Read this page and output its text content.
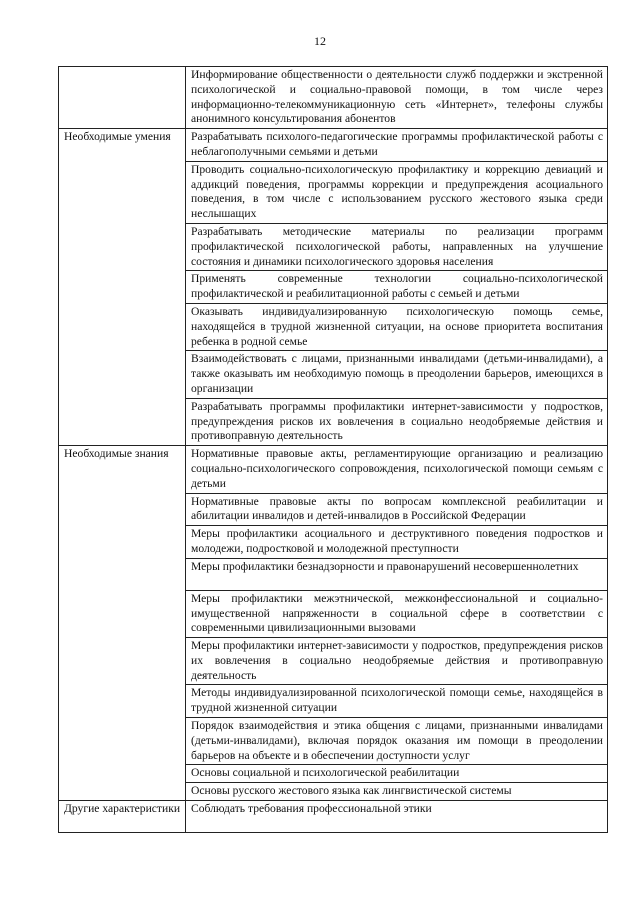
12
	Информирование общественности о деятельности служб поддержки и экстренной психологической и социально-правовой помощи, в том числе через информационно-телекоммуникационную сеть «Интернет», телефоны службы анонимного консультирования абонентов
Необходимые умения	Разрабатывать психолого-педагогические программы профилактической работы с неблагополучными семьями и детьми
	Проводить социально-психологическую профилактику и коррекцию девиаций и аддикций поведения, программы коррекции и предупреждения асоциального поведения, в том числе с использованием русского жестового языка среди неслышащих
	Разрабатывать методические материалы по реализации программ профилактической психологической работы, направленных на улучшение состояния и динамики психологического здоровья населения
	Применять современные технологии социально-психологической профилактической и реабилитационной работы с семьей и детьми
	Оказывать индивидуализированную психологическую помощь семье, находящейся в трудной жизненной ситуации, на основе приоритета воспитания ребенка в родной семье
	Взаимодействовать с лицами, признанными инвалидами (детьми-инвалидами), а также оказывать им необходимую помощь в преодолении барьеров, имеющихся в организации
	Разрабатывать программы профилактики интернет-зависимости у подростков, предупреждения рисков их вовлечения в социально неодобряемые действия и противоправную деятельность
Необходимые знания	Нормативные правовые акты, регламентирующие организацию и реализацию социально-психологического сопровождения, психологической помощи семьям с детьми
	Нормативные правовые акты по вопросам комплексной реабилитации и абилитации инвалидов и детей-инвалидов в Российской Федерации
	Меры профилактики асоциального и деструктивного поведения подростков и молодежи, подростковой и молодежной преступности
	Меры профилактики безнадзорности и правонарушений несовершеннолетних
	Меры профилактики межэтнической, межконфессиональной и социально-имущественной напряженности в социальной сфере в соответствии с современными цивилизационными вызовами
	Меры профилактики интернет-зависимости у подростков, предупреждения рисков их вовлечения в социально неодобряемые действия и противоправную деятельность
	Методы индивидуализированной психологической помощи семье, находящейся в трудной жизненной ситуации
	Порядок взаимодействия и этика общения с лицами, признанными инвалидами (детьми-инвалидами), включая порядок оказания им помощи в преодолении барьеров на объекте и в обеспечении доступности услуг
	Основы социальной и психологической реабилитации
	Основы русского жестового языка как лингвистической системы
Другие характеристики	Соблюдать требования профессиональной этики
